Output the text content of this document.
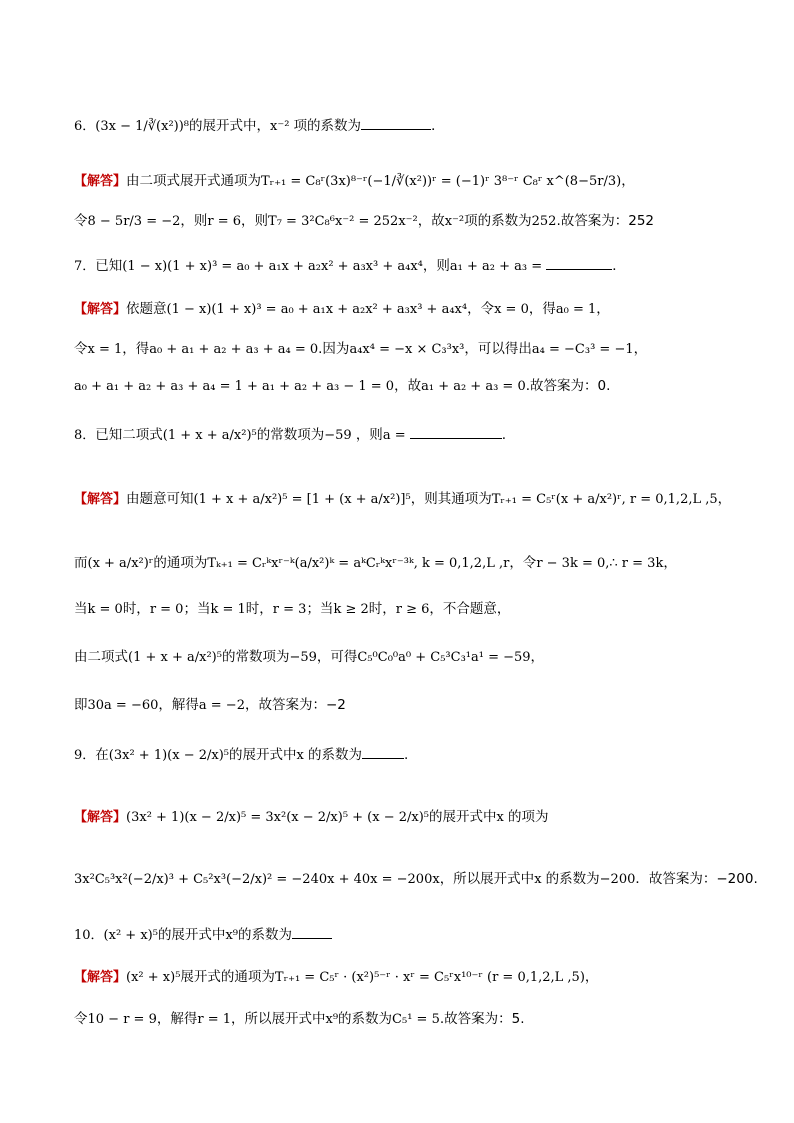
6．(3x − 1/∛(x²))⁸的展开式中，x⁻² 项的系数为	．
【解答】由二项式展开式通项为Tᵣ₊₁ = C₈ʳ(3x)⁸⁻ʳ(−1/∛(x²))ʳ = (−1)ʳ 3⁸⁻ʳ C₈ʳ x^(8−5r/3)，
令8 − 5r/3 = −2，则r = 6，则T₇ = 3²C₈⁶x⁻² = 252x⁻²，故x⁻²项的系数为252.故答案为：252
7．已知(1 − x)(1 + x)³ = a₀ + a₁x + a₂x² + a₃x³ + a₄x⁴，则a₁ + a₂ + a₃ =	．
【解答】依题意(1 − x)(1 + x)³ = a₀ + a₁x + a₂x² + a₃x³ + a₄x⁴，令x = 0，得a₀ = 1，
令x = 1，得a₀ + a₁ + a₂ + a₃ + a₄ = 0.因为a₄x⁴ = −x × C₃³x³，可以得出a₄ = −C₃³ = −1，
a₀ + a₁ + a₂ + a₃ + a₄ = 1 + a₁ + a₂ + a₃ − 1 = 0，故a₁ + a₂ + a₃ = 0.故答案为：0.
8．已知二项式(1 + x + a/x²)⁵的常数项为−59 ，则a =	.
【解答】由题意可知(1 + x + a/x²)⁵ = [1 + (x + a/x²)]⁵，则其通项为Tᵣ₊₁ = C₅ʳ(x + a/x²)ʳ, r = 0,1,2,L ,5，
而(x + a/x²)ʳ的通项为Tₖ₊₁ = Cᵣᵏxʳ⁻ᵏ(a/x²)ᵏ = aᵏCᵣᵏxʳ⁻³ᵏ, k = 0,1,2,L ,r，令r − 3k = 0,∴ r = 3k，
当k = 0时，r = 0；当k = 1时，r = 3；当k ≥ 2时，r ≥ 6，不合题意，
由二项式(1 + x + a/x²)⁵的常数项为−59，可得C₅⁰C₀⁰a⁰ + C₅³C₃¹a¹ = −59，
即30a = −60，解得a = −2，故答案为：−2
9．在(3x² + 1)(x − 2/x)⁵的展开式中x 的系数为	.
【解答】(3x² + 1)(x − 2/x)⁵ = 3x²(x − 2/x)⁵ + (x − 2/x)⁵的展开式中x 的项为
3x²C₅³x²(−2/x)³ + C₅²x³(−2/x)² = −240x + 40x = −200x，所以展开式中x 的系数为−200．故答案为：−200.
10．(x² + x)⁵的展开式中x⁹的系数为
【解答】(x² + x)⁵展开式的通项为Tᵣ₊₁ = C₅ʳ · (x²)⁵⁻ʳ · xʳ = C₅ʳx¹⁰⁻ʳ (r = 0,1,2,L ,5)，
令10 − r = 9，解得r = 1，所以展开式中x⁹的系数为C₅¹ = 5.故答案为：5.
